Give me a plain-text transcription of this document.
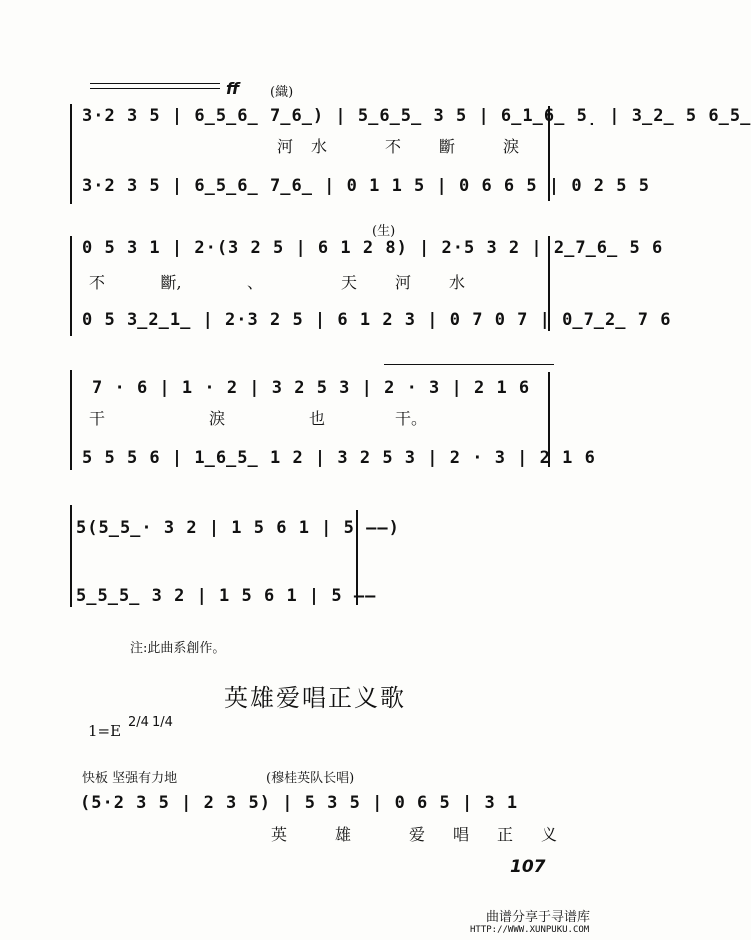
ff (織)
3·2 3 5 | 6̲5̲6̲ 7̲6̲) | 5̲6̲5̲ 3 5 | 6̲1̲6̲ 5̣ | 3̲2̲ 5 6̲5̲
河	水	不	斷	淚
3·2 3 5 | 6̲5̲6̲ 7̲6̲ | 0 1 1 5 | 0 6 6 5 | 0 2 5 5
(生)
0 5 3 1 | 2·(3 2 5 | 6 1 2 8) | 2·5 3 2 | 2̲7̲6̲ 5 6
不	斷,	、	天	河	水
0 5 3̲2̲1̲ | 2·3 2 5 | 6 1 2 3 | 0 7 0 7 | 0̲7̲2̲ 7 6
7 · 6 | 1 · 2 | 3 2 5 3 | 2 · 3 | 2 1 6
干	淚	也	干。
5 5 5 6 | 1̲6̲5̲ 1 2 | 3 2 5 3 | 2 · 3 | 2 1 6
5(5̲5̲· 3 2 | 1 5 6 1 | 5 ——)
5̲5̲5̲ 3 2 | 1 5 6 1 | 5 ——
注:此曲系創作。
英雄爱唱正义歌
1=E 2/4 1/4
快板 坚强有力地	(穆桂英队长唱)
(5·2 3 5 | 2 3 5) | 5 3 5 | 0 6 5 | 3 1
英	雄	爱	唱	正	义
107
曲谱分享于寻谱库
HTTP://WWW.XUNPUKU.COM
